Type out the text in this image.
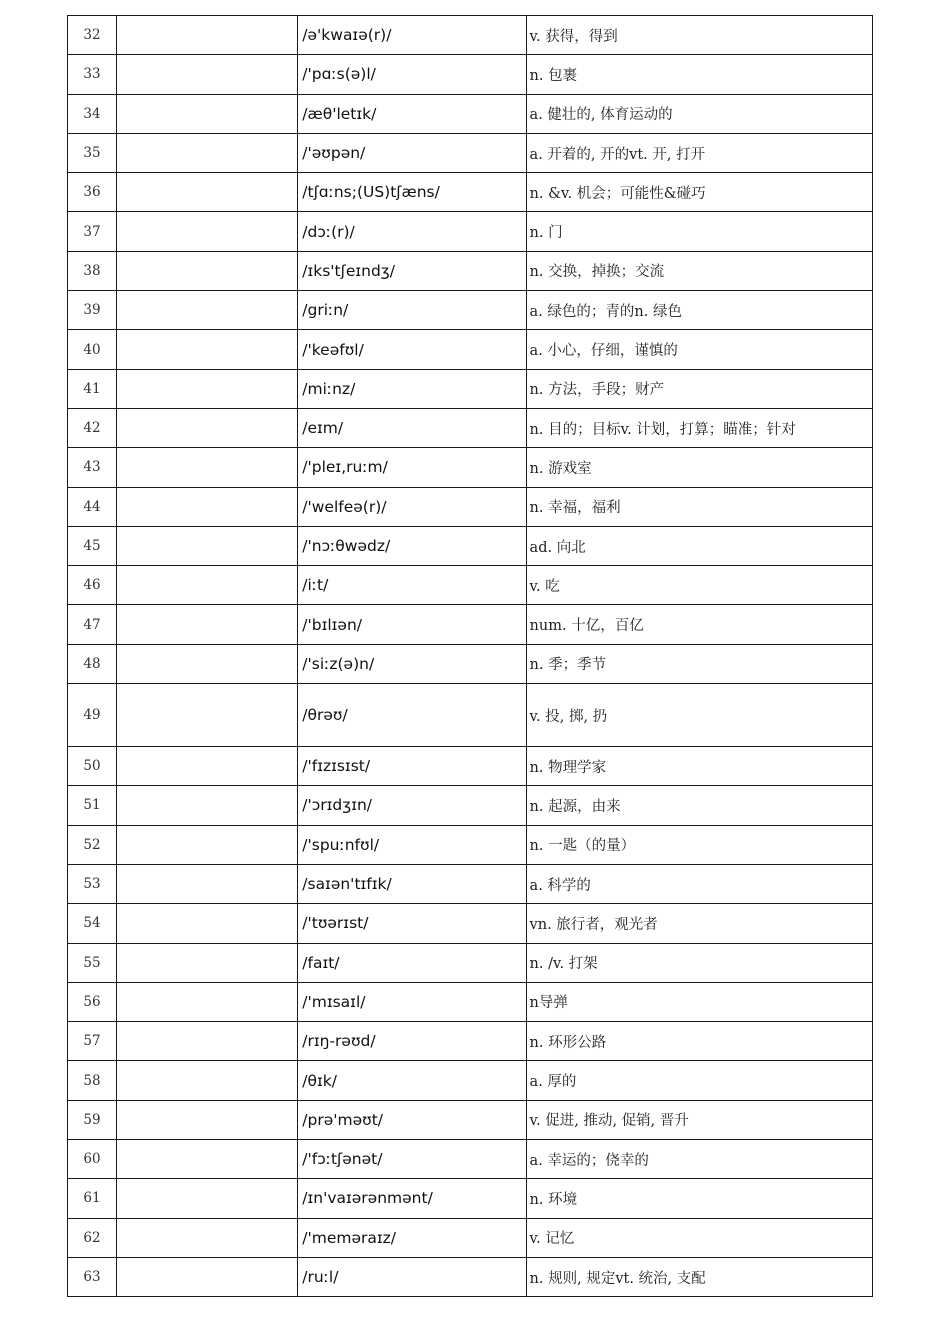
32		/ə'kwaɪə(r)/	v. 获得，得到
33		/'pɑːs(ə)l/	n. 包裹
34		/æθ'letɪk/	a. 健壮的, 体育运动的
35		/'əʊpən/	a. 开着的, 开的vt. 开, 打开
36		/tʃɑːns;(US)tʃæns/	n. &v. 机会；可能性&碰巧
37		/dɔː(r)/	n. 门
38		/ɪks'tʃeɪndʒ/	n. 交换，掉换；交流
39		/griːn/	a. 绿色的；青的n. 绿色
40		/'keəfʊl/	a. 小心，仔细，谨慎的
41		/miːnz/	n. 方法，手段；财产
42		/eɪm/	n. 目的；目标v. 计划，打算；瞄准；针对
43		/'pleɪ,ruːm/	n. 游戏室
44		/'welfeə(r)/	n. 幸福，福利
45		/'nɔːθwədz/	ad. 向北
46		/iːt/	v. 吃
47		/'bɪlɪən/	num. 十亿，百亿
48		/'siːz(ə)n/	n. 季；季节
49		/θrəʊ/	v. 投, 掷, 扔
50		/'fɪzɪsɪst/	n. 物理学家
51		/'ɔrɪdʒɪn/	n. 起源，由来
52		/'spuːnfʊl/	n. 一匙（的量）
53		/saɪən'tɪfɪk/	a. 科学的
54		/'tʊərɪst/	vn. 旅行者，观光者
55		/faɪt/	n. /v. 打架
56		/'mɪsaɪl/	n导弹
57		/rɪŋ-rəʊd/	n. 环形公路
58		/θɪk/	a. 厚的
59		/prə'məʊt/	v. 促进, 推动, 促销, 晋升
60		/'fɔːtʃənət/	a. 幸运的；侥幸的
61		/ɪn'vaɪərənmənt/	n. 环境
62		/'meməraɪz/	v. 记忆
63		/ruːl/	n. 规则, 规定vt. 统治, 支配
